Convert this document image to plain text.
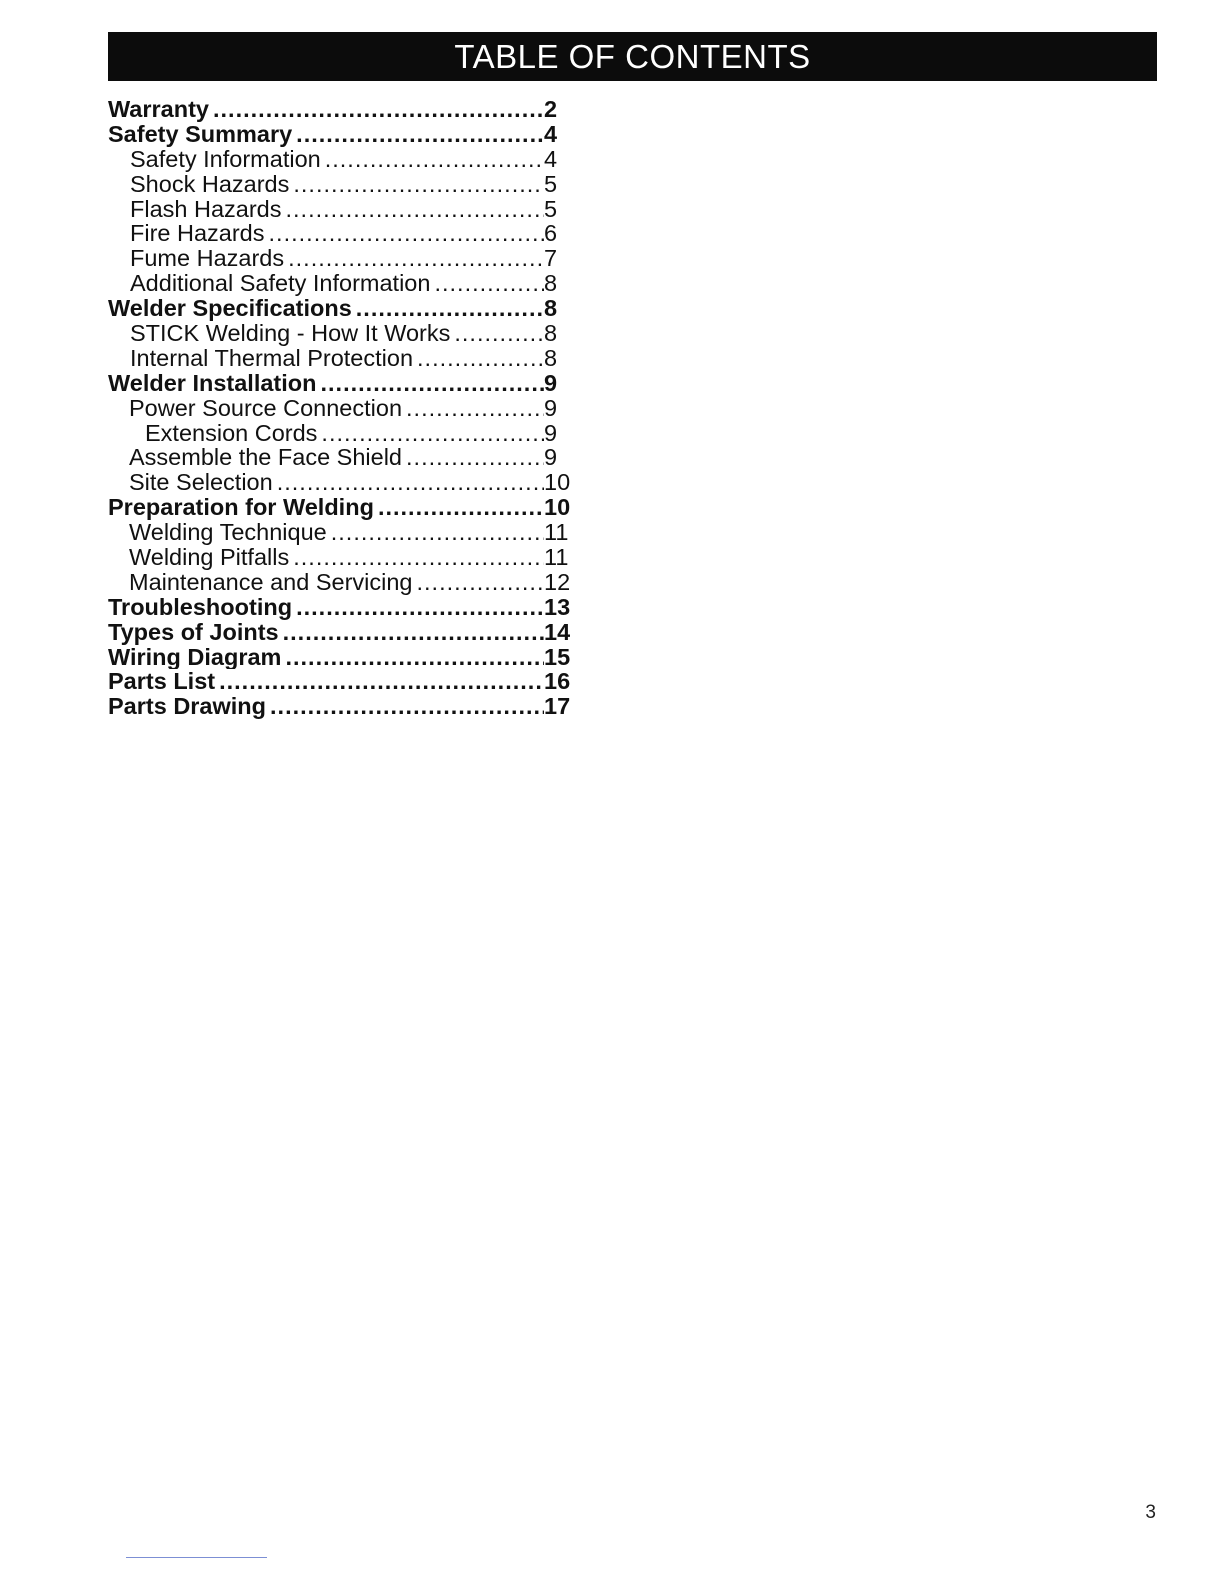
TABLE OF CONTENTS
Warranty .....	2
Safety Summary .....	4
Safety Information .....	4
Shock Hazards .....	5
Flash Hazards .....	5
Fire Hazards .....	6
Fume Hazards .....	7
Additional Safety Information .....	8
Welder Specifications .....	8
STICK Welding - How It Works .....	8
Internal Thermal Protection .....	8
Welder Installation .....	9
Power Source Connection .....	9
Extension Cords .....	9
Assemble the Face Shield .....	9
Site Selection .....	10
Preparation for Welding .....	10
Welding Technique .....	11
Welding Pitfalls .....	11
Maintenance and Servicing .....	12
Troubleshooting .....	13
Types of Joints .....	14
Wiring Diagram .....	15
Parts List .....	16
Parts Drawing .....	17
3
